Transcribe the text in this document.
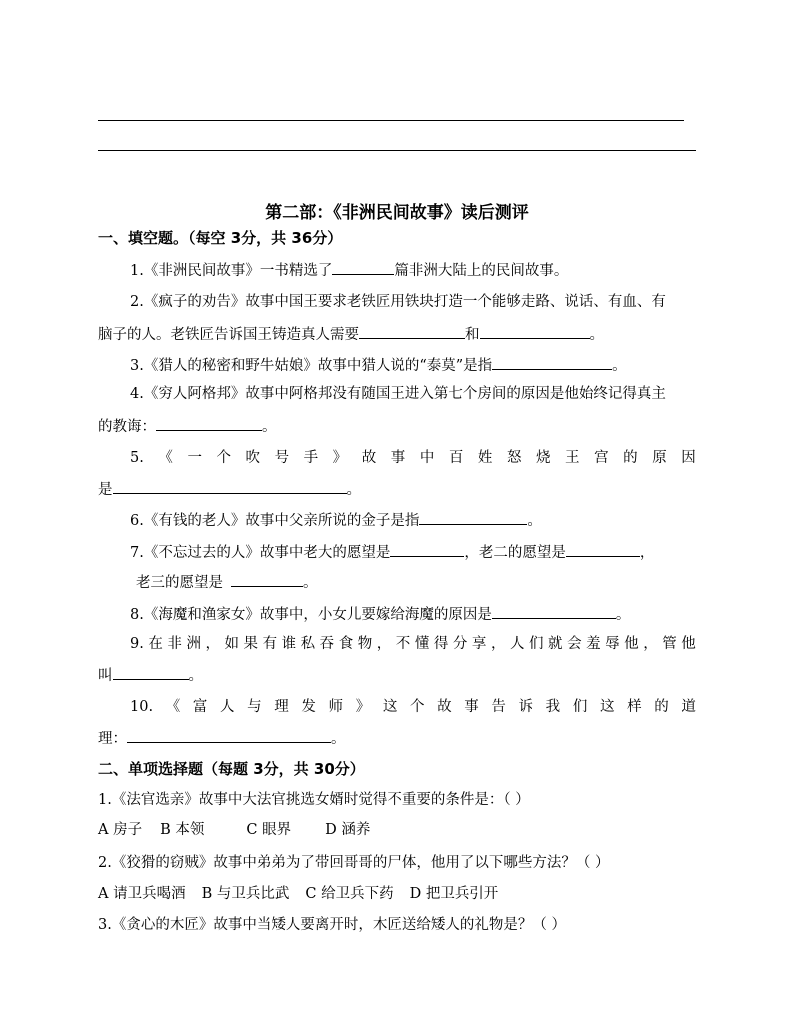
第二部：《非洲民间故事》读后测评
一、填空题。（每空 3分，共 36分）
1.《非洲民间故事》一书精选了	篇非洲大陆上的民间故事。
2.《疯子的劝告》故事中国王要求老铁匠用铁块打造一个能够走路、说话、有血、有
脑子的人。老铁匠告诉国王铸造真人需要	和	。
3.《猎人的秘密和野牛姑娘》故事中猎人说的“泰莫”是指	。
4.《穷人阿格邦》故事中阿格邦没有随国王进入第七个房间的原因是他始终记得真主
的教诲：	。
5. 《 一 个 吹 号 手 》 故 事 中 百 姓 怒 烧 王 宫 的 原 因
是	。
6.《有钱的老人》故事中父亲所说的金子是指	。
7.《不忘过去的人》故事中老大的愿望是	，老二的愿望是	，
老三的愿望是	。
8.《海魔和渔家女》故事中，小女儿要嫁给海魔的原因是	。
9. 在 非 洲 ， 如 果 有 谁 私 吞 食 物 ， 不 懂 得 分 享 ， 人 们 就 会 羞 辱 他 ， 管 他
叫	。
10. 《 富 人 与 理 发 师 》 这 个 故 事 告 诉 我 们 这 样 的 道
理：	。
二、单项选择题（每题 3分，共 30分）
1.《法官选亲》故事中大法官挑选女婿时觉得不重要的条件是：（ ）
A 房子 B 本领	C 眼界 D 涵养
2.《狡猾的窃贼》故事中弟弟为了带回哥哥的尸体，他用了以下哪些方法？（ ）
A 请卫兵喝酒 B 与卫兵比武 C 给卫兵下药 D 把卫兵引开
3.《贪心的木匠》故事中当矮人要离开时，木匠送给矮人的礼物是？（ ）
